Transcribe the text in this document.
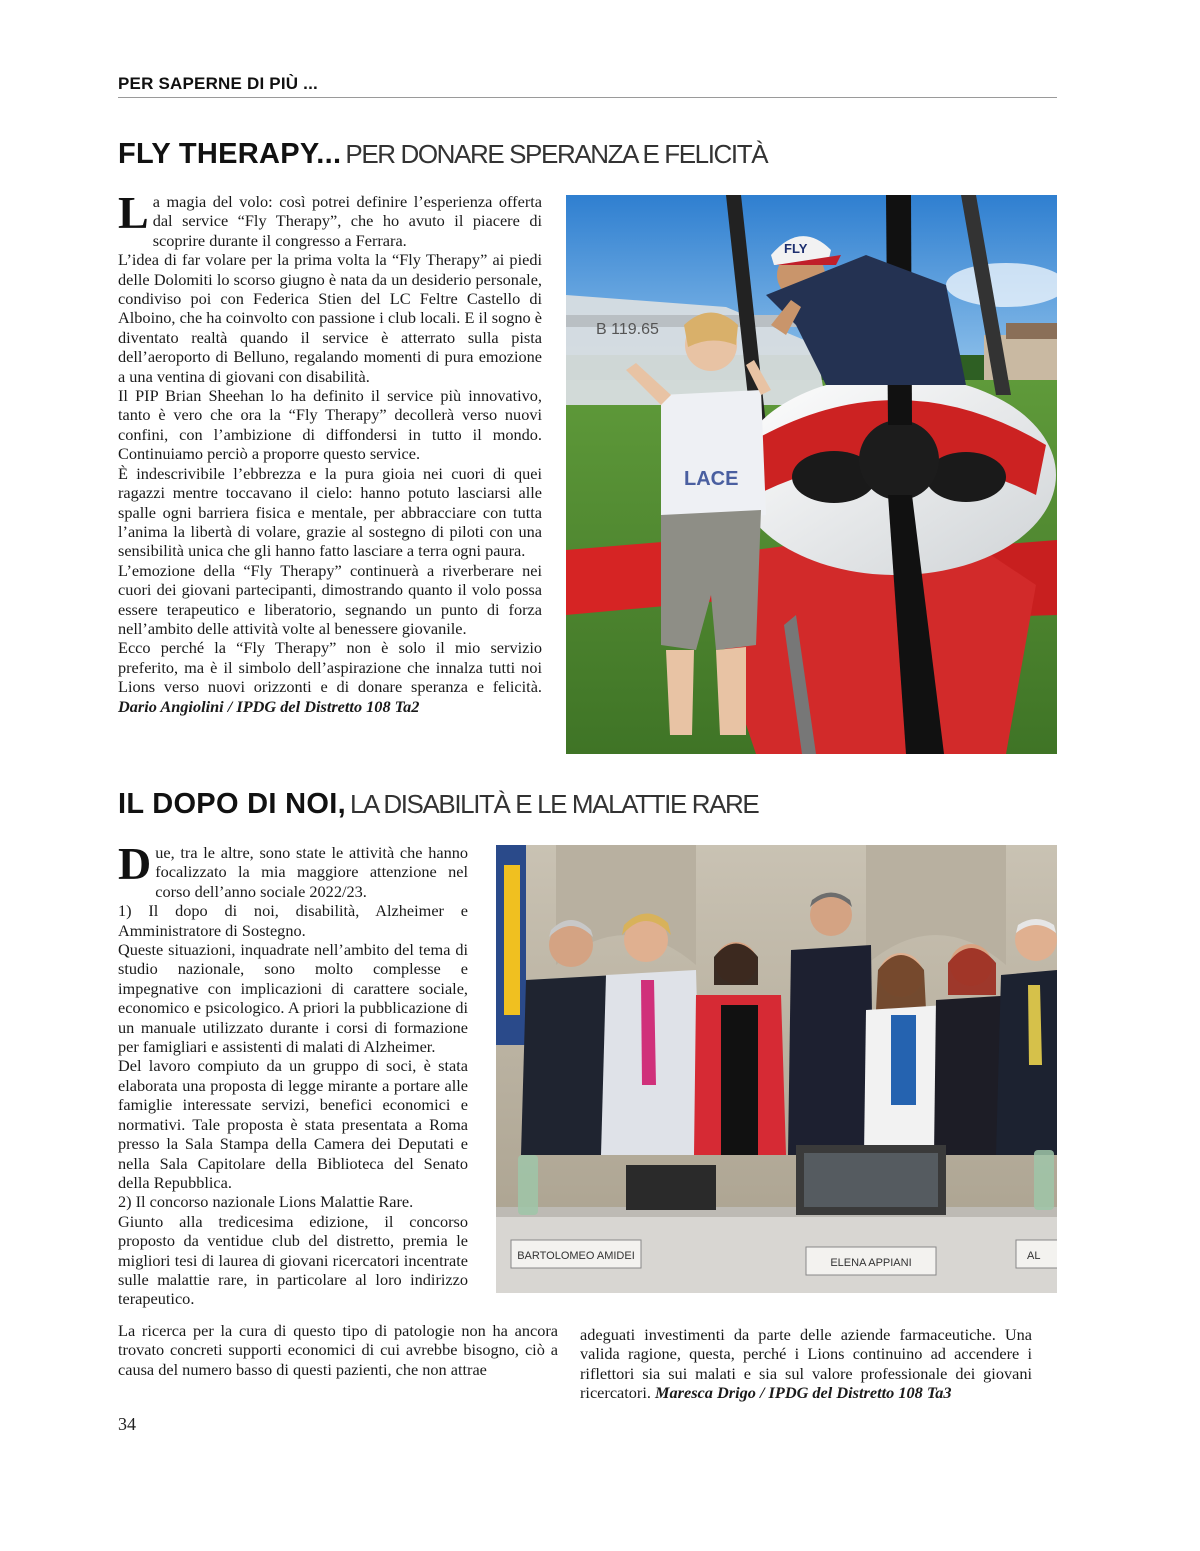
PER SAPERNE DI PIÙ ...
FLY THERAPY... PER DONARE SPERANZA E FELICITÀ

La magia del volo: così potrei definire l’esperienza offerta dal service “Fly Therapy”, che ho avuto il piacere di scoprire durante il congresso a Ferrara.

L’idea di far volare per la prima volta la “Fly Therapy” ai piedi delle Dolomiti lo scorso giugno è nata da un desiderio personale, condiviso poi con Federica Stien del LC Feltre Castello di Alboino, che ha coinvolto con passione i club locali. E il sogno è diventato realtà quando il service è atterrato sulla pista dell’aeroporto di Belluno, regalando momenti di pura emozione a una ventina di giovani con disabilità.

Il PIP Brian Sheehan lo ha definito il service più innovativo, tanto è vero che ora la “Fly Therapy” decollerà verso nuovi confini, con l’ambizione di diffondersi in tutto il mondo. Continuiamo perciò a proporre questo service.

È indescrivibile l’ebbrezza e la pura gioia nei cuori di quei ragazzi mentre toccavano il cielo: hanno potuto lasciarsi alle spalle ogni barriera fisica e mentale, per abbracciare con tutta l’anima la libertà di volare, grazie al sostegno di piloti con una sensibilità unica che gli hanno fatto lasciare a terra ogni paura.

L’emozione della “Fly Therapy” continuerà a riverberare nei cuori dei giovani partecipanti, dimostrando quanto il volo possa essere terapeutico e liberatorio, segnando un punto di forza nell’ambito delle attività volte al benessere giovanile.

Ecco perché la “Fly Therapy” non è solo il mio servizio preferito, ma è il simbolo dell’aspirazione che innalza tutti noi Lions verso nuovi orizzonti e di donare speranza e felicità. Dario Angiolini / IPDG del Distretto 108 Ta2

B 119.65
LACE
FLY
IL DOPO DI NOI, LA DISABILITÀ E LE MALATTIE RARE

Due, tra le altre, sono state le attività che hanno focalizzato la mia maggiore attenzione nel corso dell’anno sociale 2022/23.

1) Il dopo di noi, disabilità, Alzheimer e Amministratore di Sostegno.

Queste situazioni, inquadrate nell’ambito del tema di studio nazionale, sono molto complesse e impegnative con implicazioni di carattere sociale, economico e psicologico. A priori la pubblicazione di un manuale utilizzato durante i corsi di formazione per famigliari e assistenti di malati di Alzheimer.

Del lavoro compiuto da un gruppo di soci, è stata elaborata una proposta di legge mirante a portare alle famiglie interessate servizi, benefici economici e normativi. Tale proposta è stata presentata a Roma presso la Sala Stampa della Camera dei Deputati e nella Sala Capitolare della Biblioteca del Senato della Repubblica.

2) Il concorso nazionale Lions Malattie Rare.

Giunto alla tredicesima edizione, il concorso proposto da ventidue club del distretto, premia le migliori tesi di laurea di giovani ricercatori incentrate sulle malattie rare, in particolare al loro indirizzo terapeutico.

La ricerca per la cura di questo tipo di patologie non ha ancora trovato concreti supporti economici di cui avrebbe bisogno, ciò a causa del numero basso di questi pazienti, che non attrae

adeguati investimenti da parte delle aziende farmaceutiche. Una valida ragione, questa, perché i Lions continuino ad accendere i riflettori sia sui malati e sia sul valore professionale dei giovani ricercatori. Maresca Drigo / IPDG del Distretto 108 Ta3

BARTOLOMEO AMIDEI
ELENA APPIANI
AL
34
